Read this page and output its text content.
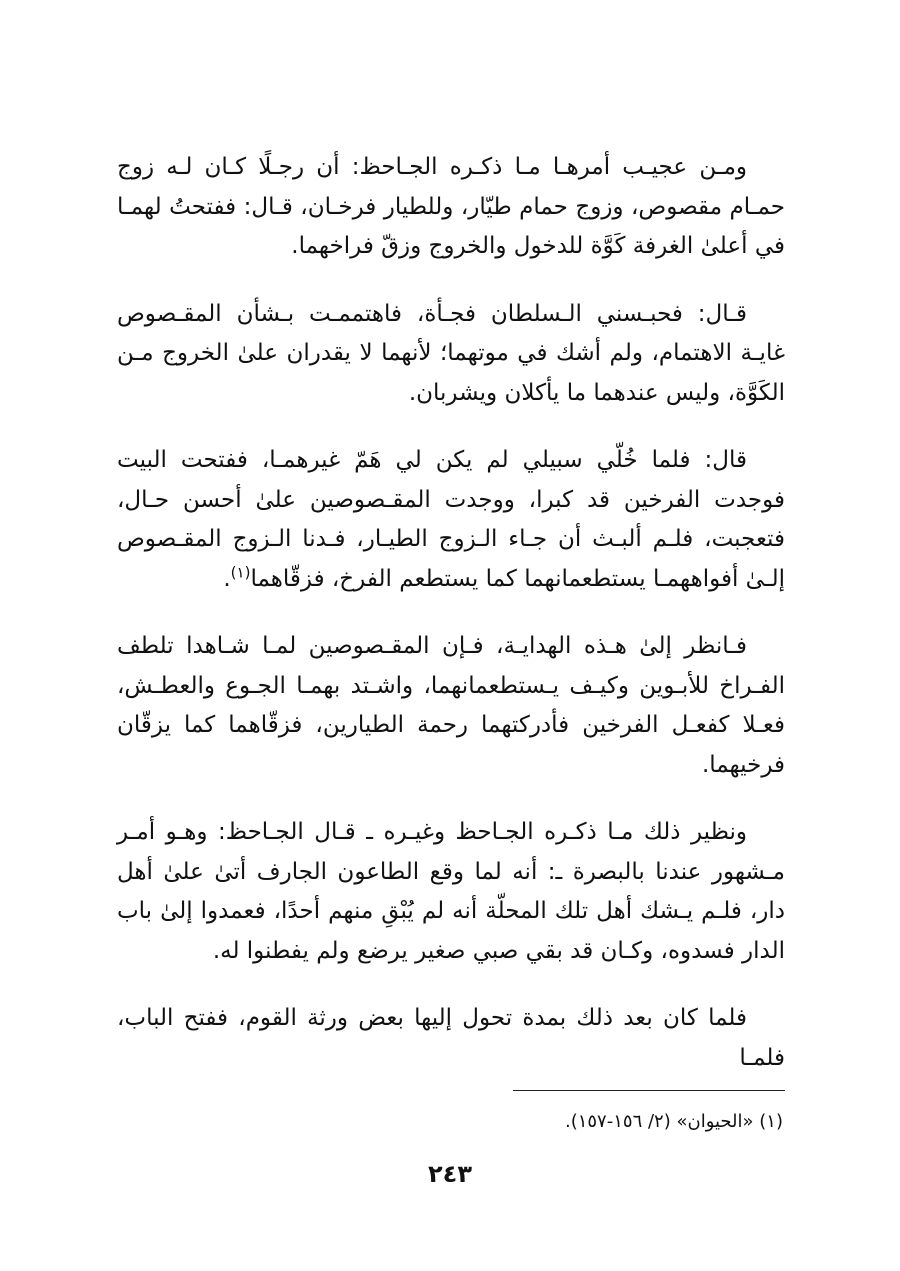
ومـن عجيـب أمرهـا مـا ذكـره الجـاحظ: أن رجـلًا كـان لـه زوج حمـام مقصوص، وزوج حمام طيّار، وللطيار فرخـان، قـال: ففتحتُ لهمـا في أعلىٰ الغرفة كَوَّة للدخول والخروج وزقّ فراخهما.

قـال: فحبـسني الـسلطان فجـأة، فاهتممـت بـشأن المقـصوص غايـة الاهتمام، ولم أشك في موتهما؛ لأنهما لا يقدران علىٰ الخروج مـن الكَوَّة، وليس عندهما ما يأكلان ويشربان.

قال: فلما خُلّي سبيلي لم يكن لي هَمّ غيرهمـا، ففتحت البيت فوجدت الفرخين قد كبرا، ووجدت المقـصوصين علىٰ أحسن حـال، فتعجبت، فلـم ألبـث أن جـاء الـزوج الطيـار، فـدنا الـزوج المقـصوص إلـىٰ أفواههمـا يستطعمانهما كما يستطعم الفرخ، فزقّاهما$^{(١)}$.

فـانظر إلىٰ هـذه الهدايـة، فـإن المقـصوصين لمـا شـاهدا تلطف الفـراخ للأبـوين وكيـف يـستطعمانهما، واشـتد بهمـا الجـوع والعطـش، فعـلا كفعـل الفرخين فأدركتهما رحمة الطيارين، فزقّاهما كما يزقّان فرخيهما.

ونظير ذلك مـا ذكـره الجـاحظ وغيـره ـ قـال الجـاحظ: وهـو أمـر مـشهور عندنا بالبصرة ـ: أنه لما وقع الطاعون الجارف أتىٰ علىٰ أهل دار، فلـم يـشك أهل تلك المحلّة أنه لم يُبْقِ منهم أحدًا، فعمدوا إلىٰ باب الدار فسدوه، وكـان قد بقي صبي صغير يرضع ولم يفطنوا له.

فلما كان بعد ذلك بمدة تحول إليها بعض ورثة القوم، ففتح الباب، فلمـا

(١) «الحيوان» (٢/ ١٥٦-١٥٧).
٢٤٣
